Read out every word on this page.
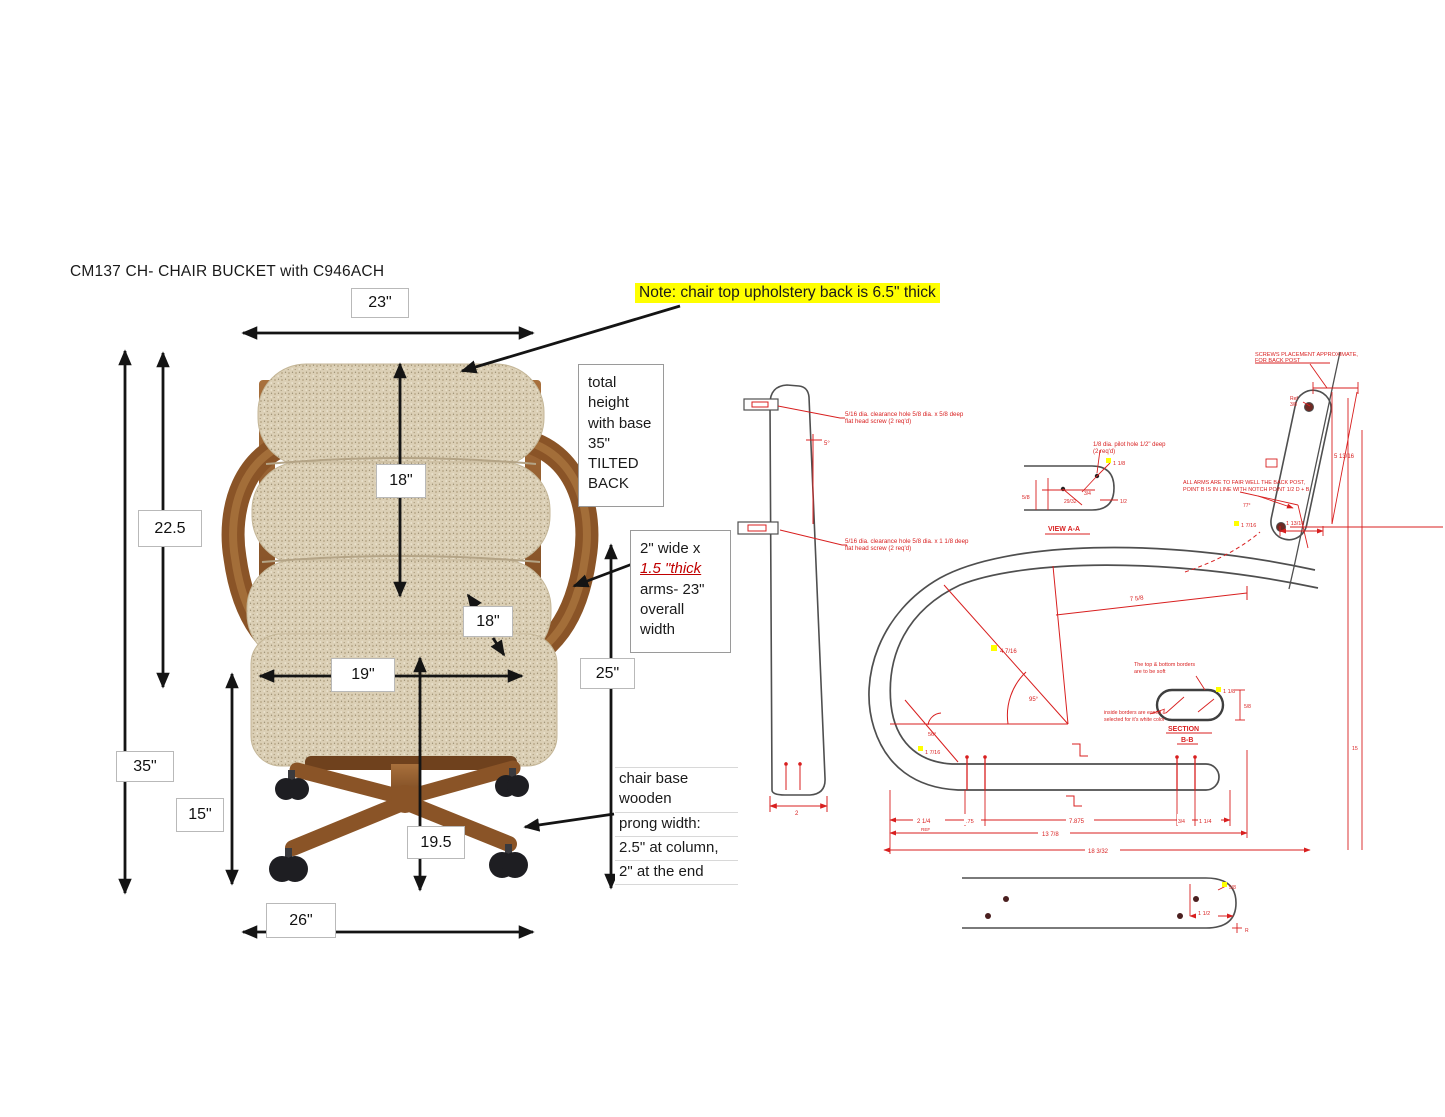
5/16 dia. clearance hole 5/8 dia. x 5/8 deep
flat head screw (2 req'd)
5/16 dia. clearance hole 5/8 dia. x 1 1/8 deep
flat head screw (2 req'd)
5°
2
1/8 dia. pilot hole 1/2" deep
(2 req'd)
1 1/8
5/8
3/4
29/32	1/2
VIEW A-A
4 7/16
95°
7 5/8
56°
1 7/16
2 1/4
REF
.75	7.875	3/4	1 1/4
13 7/8
18 3/32
SCREWS PLACEMENT APPROXIMATE,
FOR BACK POST
Ref
3/8
5 13/16
1 13/16
77°
1 7/16
ALL ARMS ARE TO FAIR WELL THE BACK POST,
POINT B IS IN LINE WITH NOTCH POINT 1/2 D + B
15
The top & bottom borders
are to be soft
inside borders are eased &
selected for it's white color
1 1/8
5/8
SECTION
B-B
1 1/2
5/8
R
CM137 CH- CHAIR BUCKET with C946ACH
Note: chair top upholstery back is 6.5" thick
23"
22.5
18"
18"
19"	25"
35"
15"
19.5
26"
total
height
with base
35"
TILTED
BACK
2" wide x
1.5 "thick
arms- 23"
overall
width
chair base wooden
prong width:
2.5" at column,
2" at the end
